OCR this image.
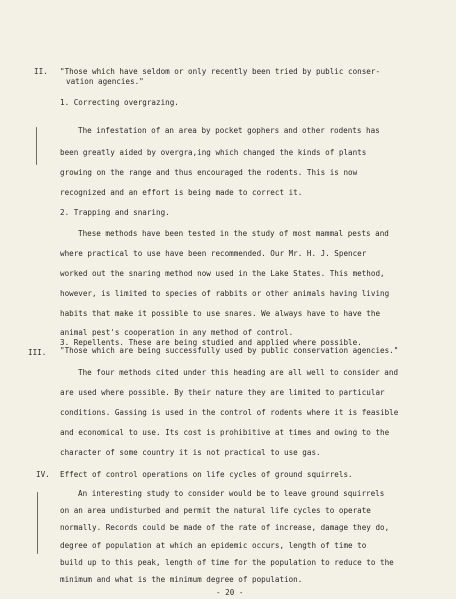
II. "Those which have seldom or only recently been tried by public conser-
vation agencies."
1. Correcting overgrazing.
The infestation of an area by pocket gophers and other rodents has
been greatly aided by overgra,ing which changed the kinds of plants
growing on the range and thus encouraged the rodents. This is now
recognized and an effort is being made to correct it.
2. Trapping and snaring.
These methods have been tested in the study of most mammal pests and
where practical to use have been recommended. Our Mr. H. J. Spencer
worked out the snaring method now used in the Lake States. This method,
however, is limited to species of rabbits or other animals having living
habits that make it possible to use snares. We always have to have the
animal pest's cooperation in any method of control.
3. Repellents. These are being studied and applied where possible.
III. "Those which are being successfully used by public conservation agencies."
The four methods cited under this heading are all well to consider and
are used where possible. By their nature they are limited to particular
conditions. Gassing is used in the control of rodents where it is feasible
and economical to use. Its cost is prohibitive at times and owing to the
character of some country it is not practical to use gas.
IV. Effect of control operations on life cycles of ground squirrels.
An interesting study to consider would be to leave ground squirrels
on an area undisturbed and permit the natural life cycles to operate
normally. Records could be made of the rate of increase, damage they do,
degree of population at which an epidemic occurs, length of time to
build up to this peak, length of time for the population to reduce to the
minimum and what is the minimum degree of population.
- 20 -
